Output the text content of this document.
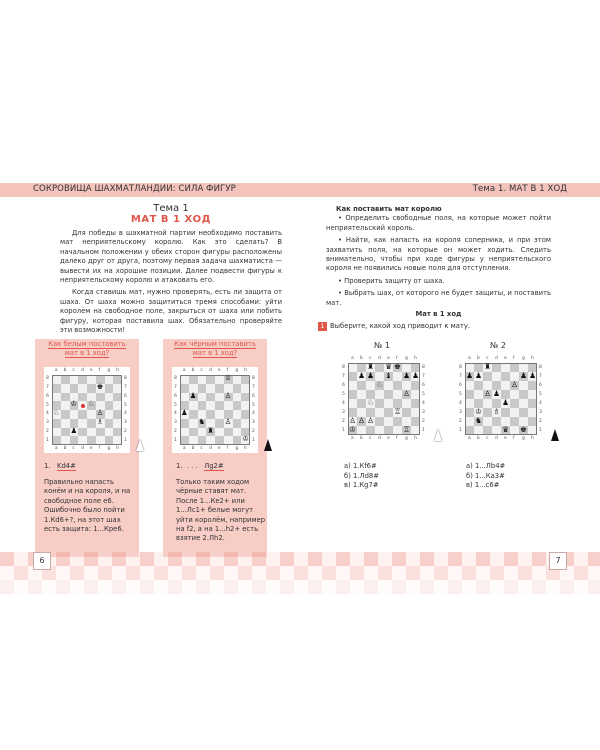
СОКРОВИЩА ШАХМАТЛАНДИИ: СИЛА ФИГУР	Тема 1. МАТ В 1 ХОД
Тема 1
МАТ В 1 ХОД

Для победы в шахматной партии необходимо поставить мат неприятельскому королю. Как это сделать? В начальном положении у обеих сторон фигуры расположены далеко друг от друга, поэтому первая задача шахматиста — вывести их на хорошие позиции. Далее подвести фигуры к неприятельскому королю и атаковать его.

Когда ставишь мат, нужно проверять, есть ли защита от шаха. От шаха можно защититься тремя способами: уйти королём на свободное поле, закрыться от шаха или побить фигуру, которая поставила шах. Обязательно проверяйте эти возможности!

Как белым поставить
мат в 1 ход?
Как чёрным поставить
мат в 1 ход?
a
a
b
b
c
c
d
d
e
e
f
f
g
g
h
h
8	8
7	7
6	6
5	5
4	4
3	3
2	2
1	1
♚
♔ ♘
♘	♙
♟
♗
a
a
b
b
c
c
d
d
e
e
f
f
g
g
h
h
8	8
7	7
6	6
5	5
4	4
3	3
2	2
1	1
♕
♟	♙
♟
♙
♞
♜
♔
1. Kd4#
Правильно напасть конём и на короля, и на свободное поле е6. Ошибочно было пойти 1.Кd6+?, на этот шах есть защита: 1...Крe6.
1. . . . Лg2#
Только таким ходом чёрные ставят мат. После 1...Кe2+ или 1...Лc1+ белые могут уйти королём, например на f2, а на 1...h2+ есть взятие 2.Лh2.
Как поставить мат королю

• Определить свободные поля, на которые может пойти неприятельский король.

• Найти, как напасть на короля соперника, и при этом захватить поля, на которые он может ходить. Следить внимательно, чтобы при ходе фигуры у неприятельского короля не появились новые поля для отступления.

• Проверить защиту от шаха.

• Выбрать шах, от которого не будет защиты, и поставить мат.

Мат в 1 ход
1 Выберите, какой ход приводит к мату.
№ 1	№ 2
a
a
b
b
c
c
d
d
e
e
f
f
g
g
h
h
8	8
7	7
6	6
5	5
4	4
3	3
2	2
1	1
♜ ♛ ♚
♟ ♟ ♝ ♟ ♟
♘
♙
♘
♙ ♙ ♙
♖
♔	♖
a
a
b
b
c
c
d
d
e
e
f
f
g
g
h
h
8	8
7	7
6	6
5	5
4	4
3	3
2	2
1	1
♜
♟ ♟
♙
♟ ♟
♙ ♟
♟
♔ ♗
♞
♛ ♚
а) 1.Кf6#
б) 1.Лd8#
в) 1.Кg7#
а) 1...Лb4#
б) 1...Кa3#
в) 1...c6#
6	7
